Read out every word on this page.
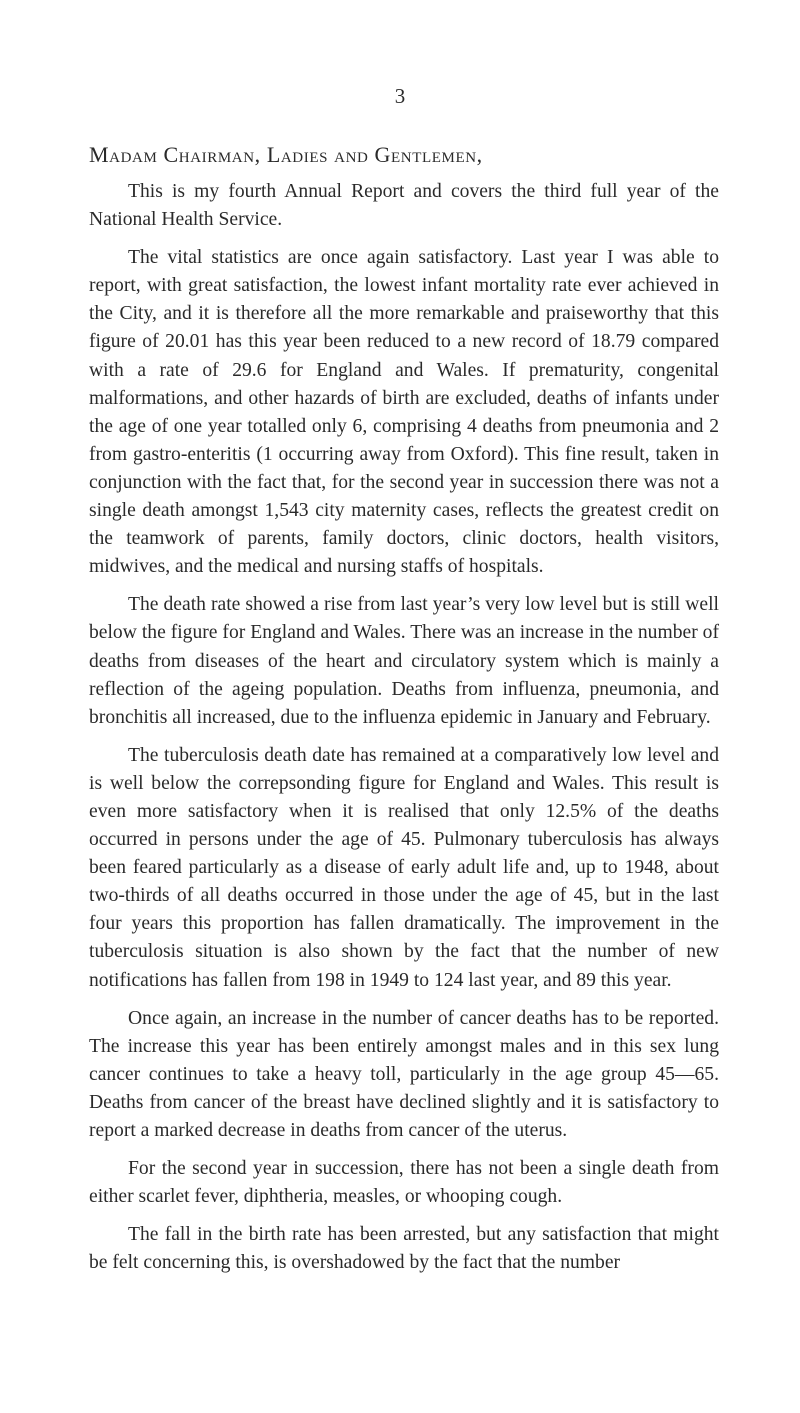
3

Madam Chairman, Ladies and Gentlemen,

This is my fourth Annual Report and covers the third full year of the National Health Service.

The vital statistics are once again satisfactory. Last year I was able to report, with great satisfaction, the lowest infant mortality rate ever achieved in the City, and it is therefore all the more remarkable and praiseworthy that this figure of 20.01 has this year been reduced to a new record of 18.79 compared with a rate of 29.6 for England and Wales. If prematurity, congenital malformations, and other hazards of birth are excluded, deaths of infants under the age of one year totalled only 6, comprising 4 deaths from pneumonia and 2 from gastro-enteritis (1 occurring away from Oxford). This fine result, taken in conjunction with the fact that, for the second year in succession there was not a single death amongst 1,543 city maternity cases, reflects the greatest credit on the teamwork of parents, family doctors, clinic doctors, health visitors, midwives, and the medical and nursing staffs of hospitals.

The death rate showed a rise from last year’s very low level but is still well below the figure for England and Wales. There was an increase in the number of deaths from diseases of the heart and circulatory system which is mainly a reflection of the ageing population. Deaths from influenza, pneumonia, and bronchitis all increased, due to the influenza epidemic in January and February.

The tuberculosis death date has remained at a comparatively low level and is well below the correpsonding figure for England and Wales. This result is even more satisfactory when it is realised that only 12.5% of the deaths occurred in persons under the age of 45. Pulmonary tuberculosis has always been feared particularly as a disease of early adult life and, up to 1948, about two-thirds of all deaths occurred in those under the age of 45, but in the last four years this proportion has fallen dramatically. The improvement in the tuberculosis situation is also shown by the fact that the number of new notifications has fallen from 198 in 1949 to 124 last year, and 89 this year.

Once again, an increase in the number of cancer deaths has to be reported. The increase this year has been entirely amongst males and in this sex lung cancer continues to take a heavy toll, particularly in the age group 45—65. Deaths from cancer of the breast have declined slightly and it is satisfactory to report a marked decrease in deaths from cancer of the uterus.

For the second year in succession, there has not been a single death from either scarlet fever, diphtheria, measles, or whooping cough.

The fall in the birth rate has been arrested, but any satisfaction that might be felt concerning this, is overshadowed by the fact that the number
